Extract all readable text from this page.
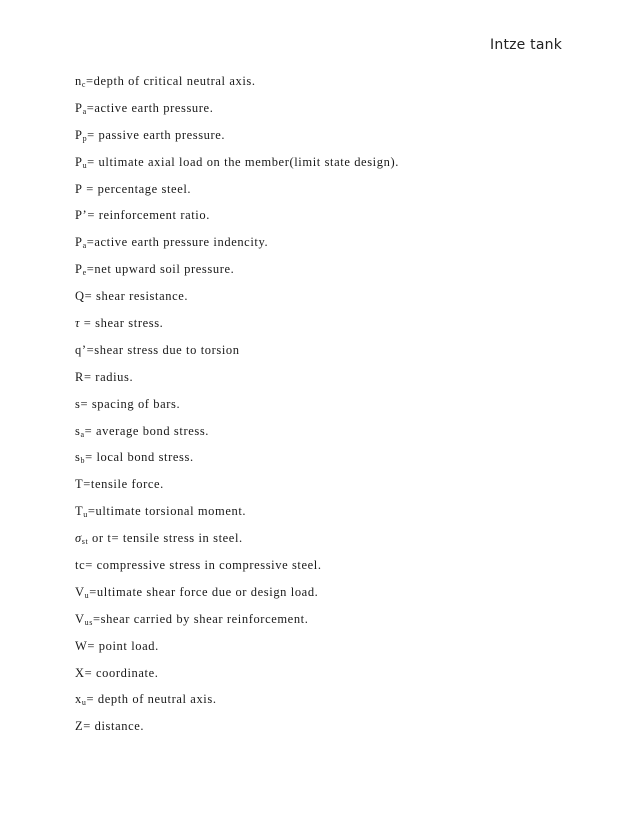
Intze tank
$n_c=depth$ of critical neutral axis.
$P_a=active$ earth pressure.
$P_p=$ passive earth pressure.
$P_u=$ ultimate axial load on the member(limit state design).
P = percentage steel.
P’= reinforcement ratio.
$P_a=active$ earth pressure indencity.
$P_e=net$ upward soil pressure.
Q= shear resistance.
τ = shear stress.
q’=shear stress due to torsion
R= radius.
s= spacing of bars.
$s_a=$ average bond stress.
$s_b=$ local bond stress.
T=tensile force.
$T_u=ultimate$ torsional moment.
$\sigma_{st}$ or t= tensile stress in steel.
tc= compressive stress in compressive steel.
$V_u=ultimate$ shear force due or design load.
$V_{us}=shear$ carried by shear reinforcement.
W= point load.
X= coordinate.
$x_u=$ depth of neutral axis.
Z= distance.
